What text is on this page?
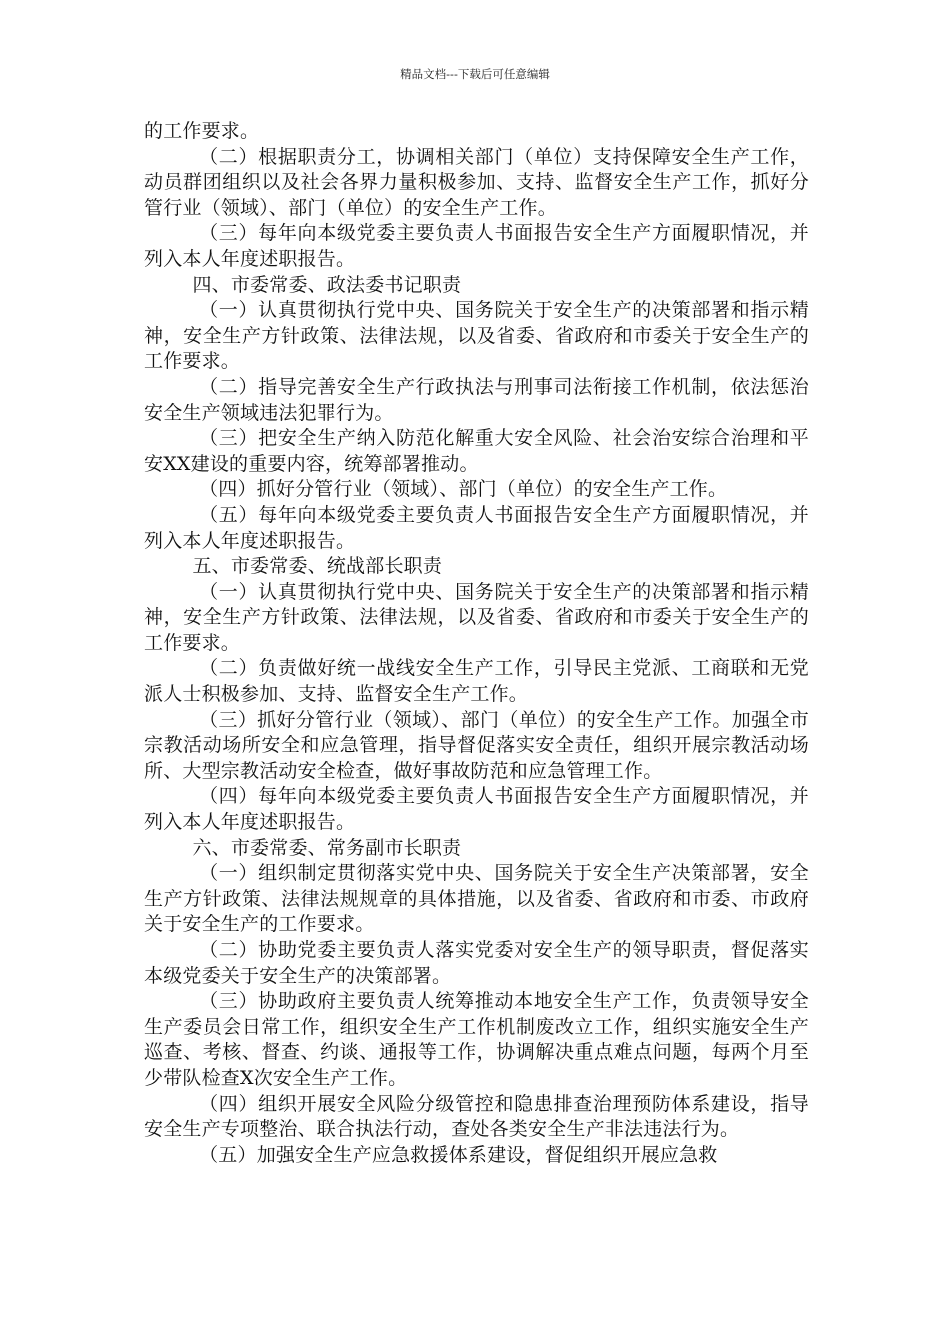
精品文档---下载后可任意编辑

的工作要求。

（二）根据职责分工，协调相关部门（单位）支持保障安全生产工作，动员群团组织以及社会各界力量积极参加、支持、监督安全生产工作，抓好分管行业（领域）、部门（单位）的安全生产工作。

（三）每年向本级党委主要负责人书面报告安全生产方面履职情况，并列入本人年度述职报告。

四、市委常委、政法委书记职责

（一）认真贯彻执行党中央、国务院关于安全生产的决策部署和指示精神，安全生产方针政策、法律法规，以及省委、省政府和市委关于安全生产的工作要求。

（二）指导完善安全生产行政执法与刑事司法衔接工作机制，依法惩治安全生产领域违法犯罪行为。

（三）把安全生产纳入防范化解重大安全风险、社会治安综合治理和平安XX建设的重要内容，统筹部署推动。

（四）抓好分管行业（领域）、部门（单位）的安全生产工作。

（五）每年向本级党委主要负责人书面报告安全生产方面履职情况，并列入本人年度述职报告。

五、市委常委、统战部长职责

（一）认真贯彻执行党中央、国务院关于安全生产的决策部署和指示精神，安全生产方针政策、法律法规，以及省委、省政府和市委关于安全生产的工作要求。

（二）负责做好统一战线安全生产工作，引导民主党派、工商联和无党派人士积极参加、支持、监督安全生产工作。

（三）抓好分管行业（领域）、部门（单位）的安全生产工作。加强全市宗教活动场所安全和应急管理，指导督促落实安全责任，组织开展宗教活动场所、大型宗教活动安全检查，做好事故防范和应急管理工作。

（四）每年向本级党委主要负责人书面报告安全生产方面履职情况，并列入本人年度述职报告。

六、市委常委、常务副市长职责

（一）组织制定贯彻落实党中央、国务院关于安全生产决策部署，安全生产方针政策、法律法规规章的具体措施，以及省委、省政府和市委、市政府关于安全生产的工作要求。

（二）协助党委主要负责人落实党委对安全生产的领导职责，督促落实本级党委关于安全生产的决策部署。

（三）协助政府主要负责人统筹推动本地安全生产工作，负责领导安全生产委员会日常工作，组织安全生产工作机制废改立工作，组织实施安全生产巡查、考核、督查、约谈、通报等工作，协调解决重点难点问题，每两个月至少带队检查X次安全生产工作。

（四）组织开展安全风险分级管控和隐患排查治理预防体系建设，指导安全生产专项整治、联合执法行动，查处各类安全生产非法违法行为。

（五）加强安全生产应急救援体系建设，督促组织开展应急救
